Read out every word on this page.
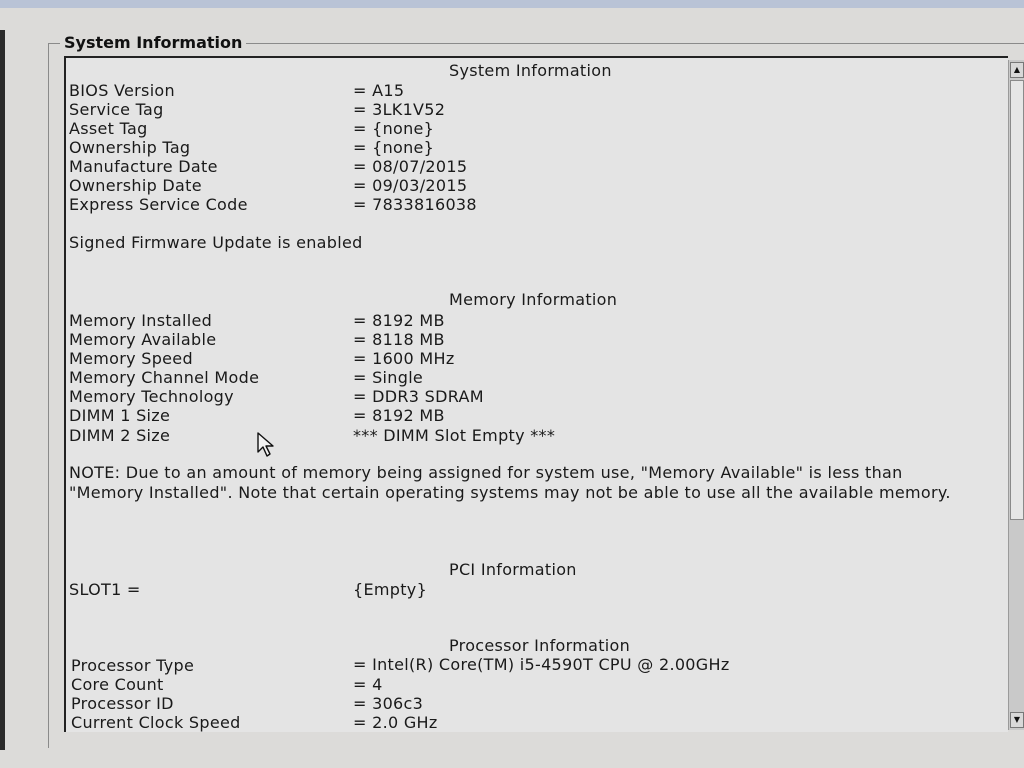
System Information
System Information
BIOS Version	= A15
Service Tag	= 3LK1V52
Asset Tag	= {none}
Ownership Tag	= {none}
Manufacture Date	= 08/07/2015
Ownership Date	= 09/03/2015
Express Service Code	= 7833816038
Signed Firmware Update is enabled
Memory Information
Memory Installed	= 8192 MB
Memory Available	= 8118 MB
Memory Speed	= 1600 MHz
Memory Channel Mode	= Single
Memory Technology	= DDR3 SDRAM
DIMM 1 Size	= 8192 MB
DIMM 2 Size	*** DIMM Slot Empty ***
NOTE: Due to an amount of memory being assigned for system use, "Memory Available" is less than "Memory Installed". Note that certain operating systems may not be able to use all the available memory.
PCI Information
SLOT1 =	{Empty}
Processor Information
Processor Type	= Intel(R) Core(TM) i5-4590T CPU @ 2.00GHz
Core Count	= 4
Processor ID	= 306c3
Current Clock Speed	= 2.0 GHz
▲
▼
